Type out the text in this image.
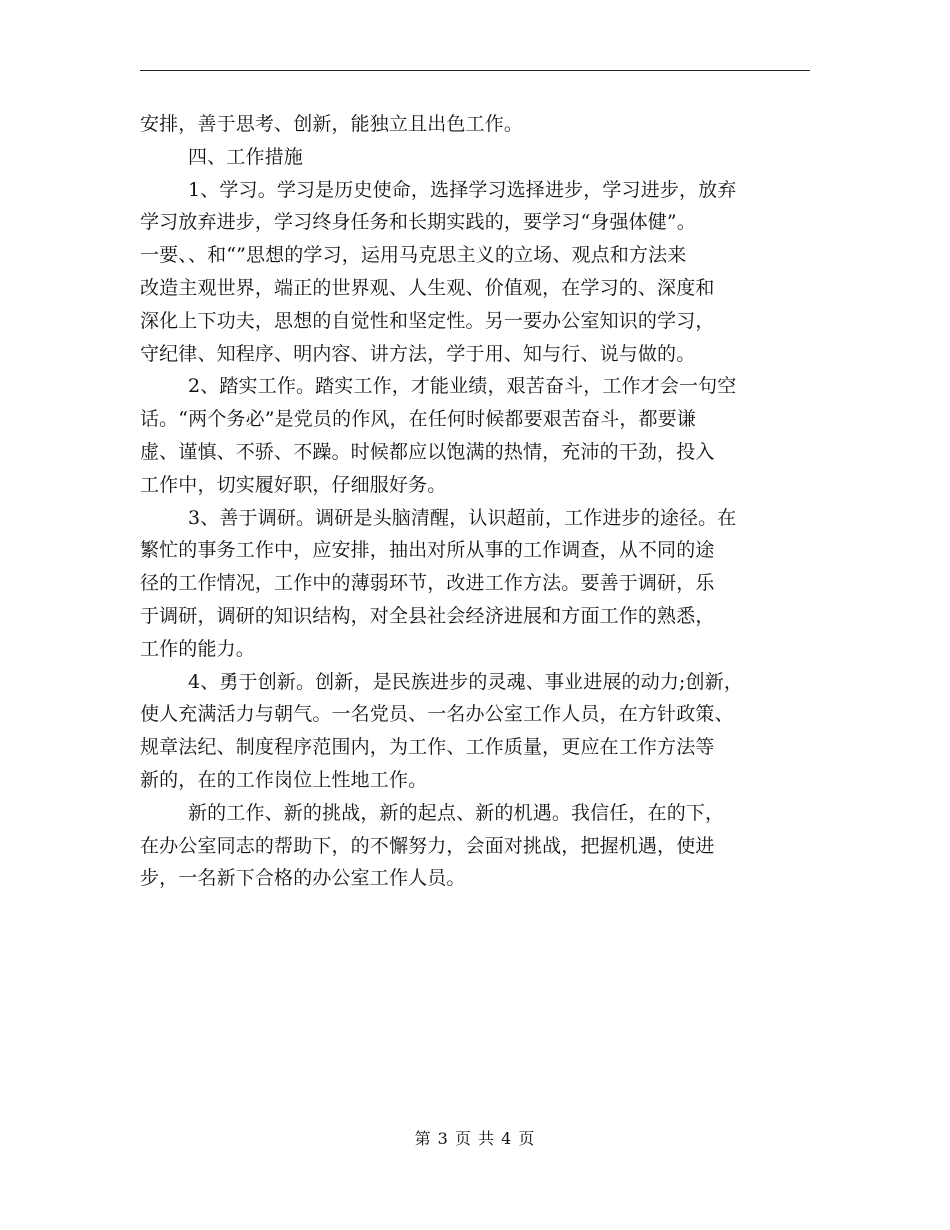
安排，善于思考、创新，能独立且出色工作。
四、工作措施
1、学习。学习是历史使命，选择学习选择进步，学习进步，放弃
学习放弃进步，学习终身任务和长期实践的，要学习“身强体健”。
一要、、和“”思想的学习，运用马克思主义的立场、观点和方法来
改造主观世界，端正的世界观、人生观、价值观，在学习的、深度和
深化上下功夫，思想的自觉性和坚定性。另一要办公室知识的学习，
守纪律、知程序、明内容、讲方法，学于用、知与行、说与做的。
2、踏实工作。踏实工作，才能业绩，艰苦奋斗，工作才会一句空
话。“两个务必”是党员的作风，在任何时候都要艰苦奋斗，都要谦
虚、谨慎、不骄、不躁。时候都应以饱满的热情，充沛的干劲，投入
工作中，切实履好职，仔细服好务。
3、善于调研。调研是头脑清醒，认识超前，工作进步的途径。在
繁忙的事务工作中，应安排，抽出对所从事的工作调查，从不同的途
径的工作情况，工作中的薄弱环节，改进工作方法。要善于调研，乐
于调研，调研的知识结构，对全县社会经济进展和方面工作的熟悉，
工作的能力。
4、勇于创新。创新，是民族进步的灵魂、事业进展的动力;创新，
使人充满活力与朝气。一名党员、一名办公室工作人员，在方针政策、
规章法纪、制度程序范围内，为工作、工作质量，更应在工作方法等
新的，在的工作岗位上性地工作。
新的工作、新的挑战，新的起点、新的机遇。我信任，在的下，
在办公室同志的帮助下，的不懈努力，会面对挑战，把握机遇，使进
步，一名新下合格的办公室工作人员。
第 3 页 共 4 页
